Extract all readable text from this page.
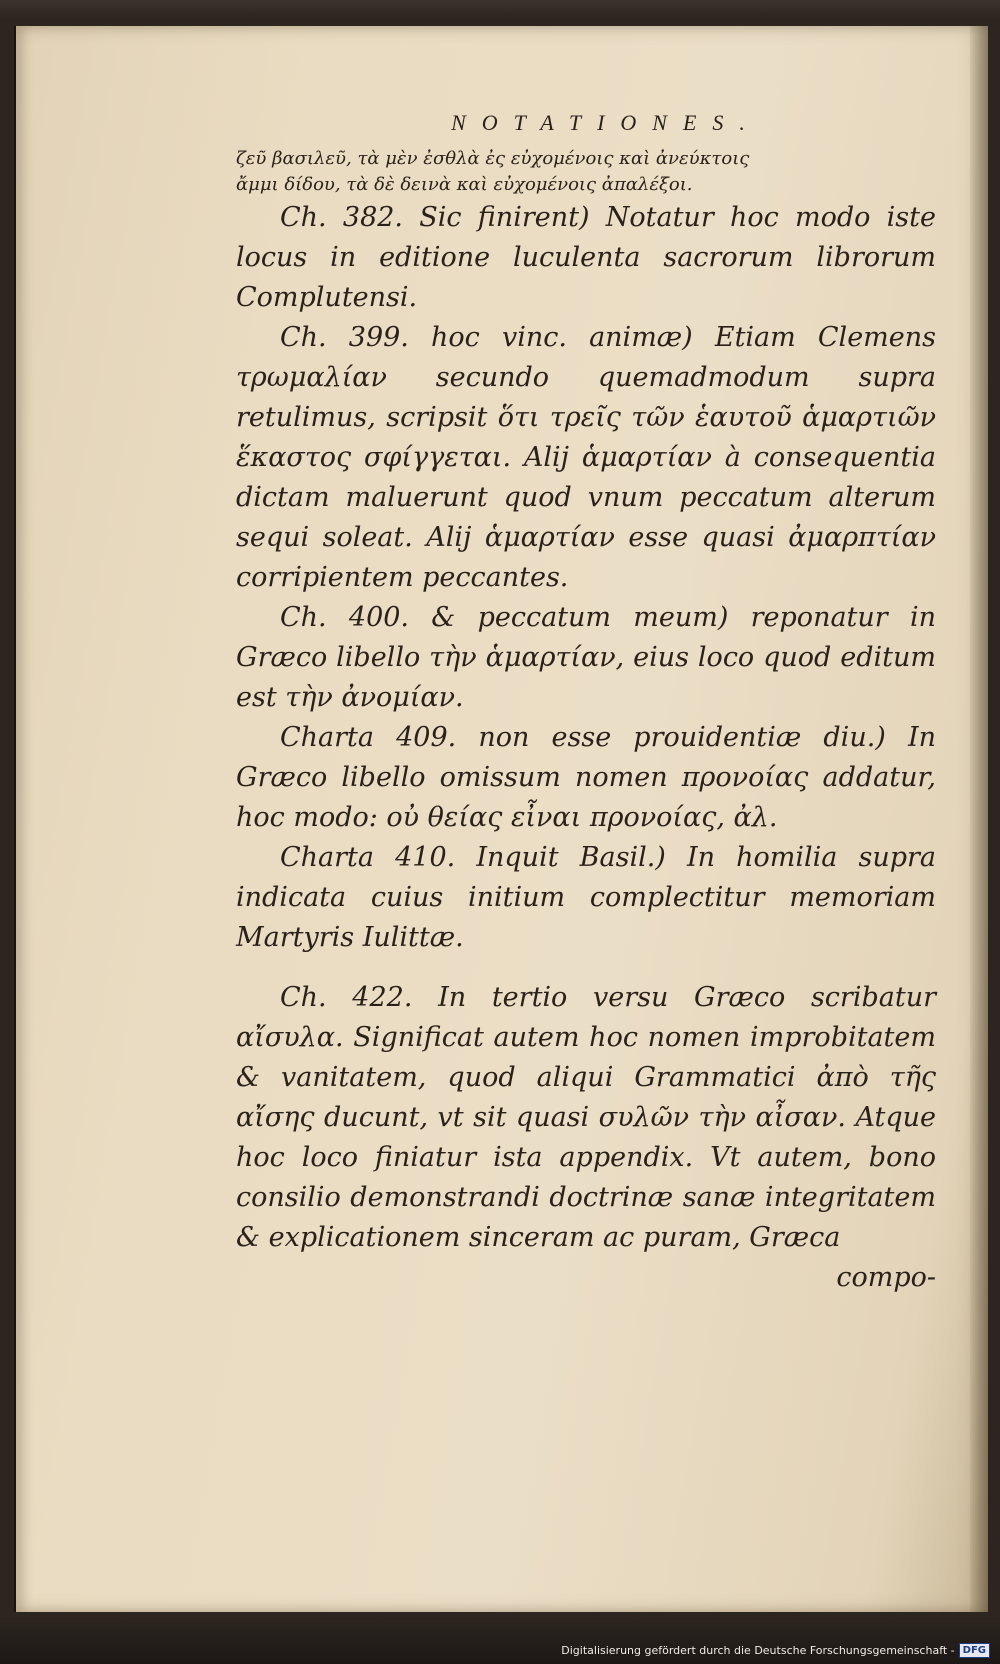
NOTATIONES.

ζεῦ βασιλεῦ, τὰ μὲν ἐσθλὰ ἐς εὐχομένοις καὶ ἀνεύκτοις

ἄμμι δίδου, τὰ δὲ δεινὰ καὶ εὐχομένοις ἀπαλέξοι.

Ch. 382. Sic finirent) Notatur hoc modo iste locus in editione luculenta sacrorum librorum Complutensi.

Ch. 399. hoc vinc. animæ) Etiam Clemens τρωμαλίαν secundo quemadmodum supra retulimus, scripsit ὅτι τρεῖς τῶν ἑαυτοῦ ἁμαρτιῶν ἕκαστος σφίγγεται. Alij ἁμαρτίαν à consequentia dictam maluerunt quod vnum peccatum alterum sequi soleat. Alij ἁμαρτίαν esse quasi ἀμαρπτίαν corripientem peccantes.

Ch. 400. & peccatum meum) reponatur in Græco libello τὴν ἁμαρτίαν, eius loco quod editum est τὴν ἀνομίαν.

Charta 409. non esse prouidentiæ diu.) In Græco libello omissum nomen προνοίας addatur, hoc modo: οὐ θείας εἶναι προνοίας, ἀλ.

Charta 410. Inquit Basil.) In homilia supra indicata cuius initium complectitur memoriam Martyris Iulittæ.

Ch. 422. In tertio versu Græco scribatur αἴσυλα. Significat autem hoc nomen improbitatem & vanitatem, quod aliqui Grammatici ἀπὸ τῆς αἴσης ducunt, vt sit quasi συλῶν τὴν αἶσαν. Atque hoc loco finiatur ista appendix. Vt autem, bono consilio demonstrandi doctrinæ sanæ integritatem & explicationem sinceram ac puram, Græca

compo-

Digitalisierung gefördert durch die Deutsche Forschungsgemeinschaft - DFG
